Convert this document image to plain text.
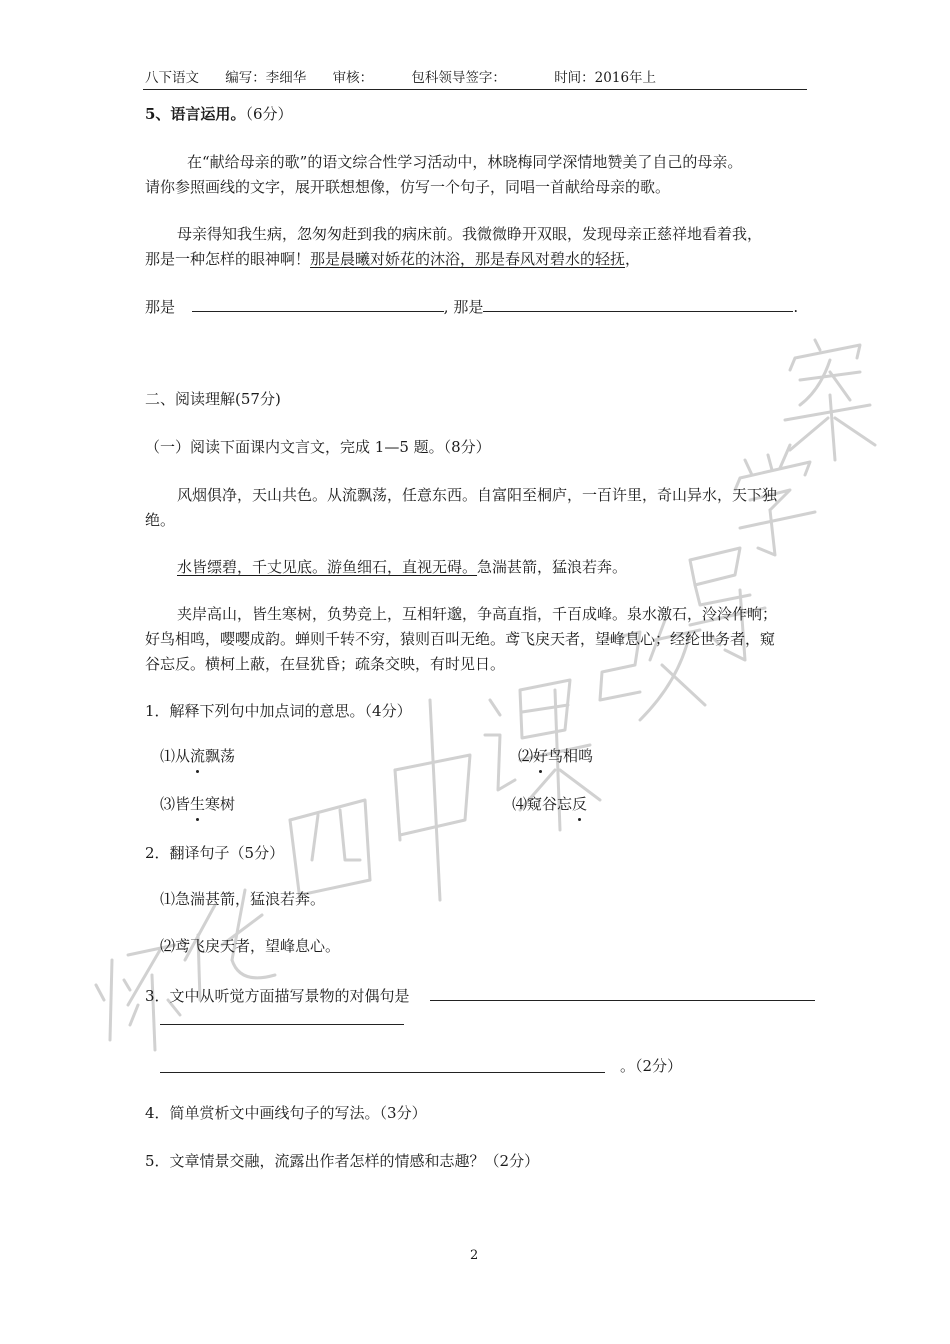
八下语文 编写：李细华 审核：	包科领导签字：	时间：2016年上
5、语言运用。（6分）
在“献给母亲的歌”的语文综合性学习活动中，林晓梅同学深情地赞美了自己的母亲。
请你参照画线的文字，展开联想想像，仿写一个句子，同唱一首献给母亲的歌。
母亲得知我生病，忽匆匆赶到我的病床前。我微微睁开双眼，发现母亲正慈祥地看着我，
那是一种怎样的眼神啊！那是晨曦对娇花的沐浴，那是春风对碧水的轻抚，
那是	, 那是	.
二、阅读理解(57分)
（一）阅读下面课内文言文，完成 1—5 题。（8分）
风烟俱净，天山共色。从流飘荡，任意东西。自富阳至桐庐，一百许里，奇山异水，天下独
绝。
水皆缥碧，千丈见底。游鱼细石，直视无碍。急湍甚箭，猛浪若奔。
夹岸高山，皆生寒树，负势竞上，互相轩邈，争高直指，千百成峰。泉水激石，泠泠作响；
好鸟相鸣，嘤嘤成韵。蝉则千转不穷，猿则百叫无绝。鸢飞戾天者，望峰息心；经纶世务者，窥
谷忘反。横柯上蔽，在昼犹昏；疏条交映，有时见日。
1．解释下列句中加点词的意思。（4分）
⑴从流飘荡	⑵好鸟相鸣
⑶皆生寒树	⑷窥谷忘反
2．翻译句子（5分）
⑴急湍甚箭，猛浪若奔。
⑵鸢飞戾天者，望峰息心。
3．文中从听觉方面描写景物的对偶句是
。（2分）
4．简单赏析文中画线句子的写法。（3分）
5．文章情景交融，流露出作者怎样的情感和志趣？（2分）
2
